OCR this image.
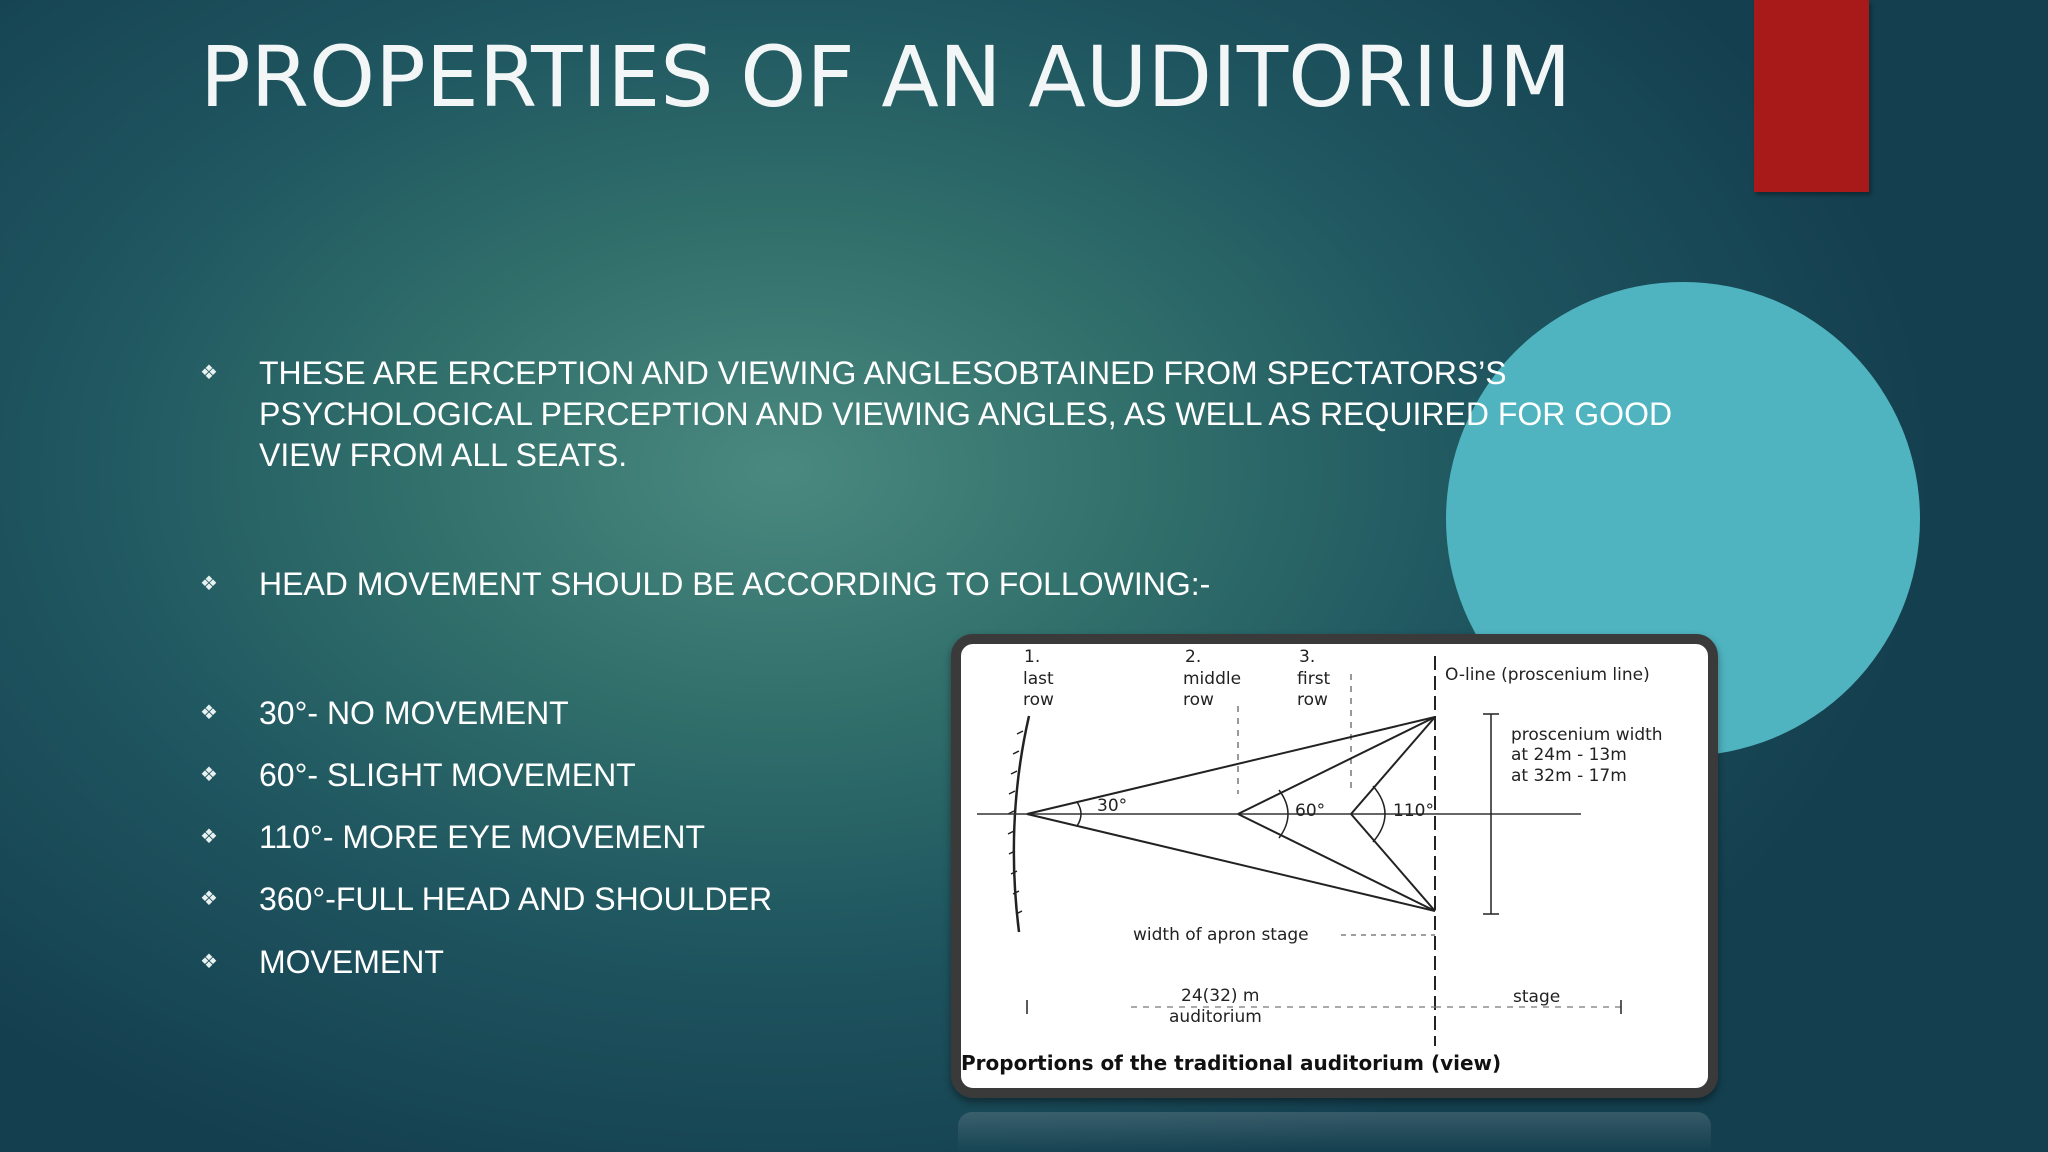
PROPERTIES OF AN AUDITORIUM
❖ THESE ARE ERCEPTION AND VIEWING ANGLESOBTAINED FROM SPECTATORS’S PSYCHOLOGICAL PERCEPTION AND VIEWING ANGLES, AS WELL AS REQUIRED FOR GOOD VIEW FROM ALL SEATS.
❖ HEAD MOVEMENT SHOULD BE ACCORDING TO FOLLOWING:-
❖ 30°- NO MOVEMENT
❖ 60°- SLIGHT MOVEMENT
❖ 110°- MORE EYE MOVEMENT
❖ 360°-FULL HEAD AND SHOULDER
❖ MOVEMENT
1.
last
row
2.
middle
row
3.
first
row
O-line (proscenium line)
proscenium width
at 24m - 13m
at 32m - 17m
30°	60°	110°
width of apron stage
24(32) m
auditorium
stage
Proportions of the traditional auditorium (view)
